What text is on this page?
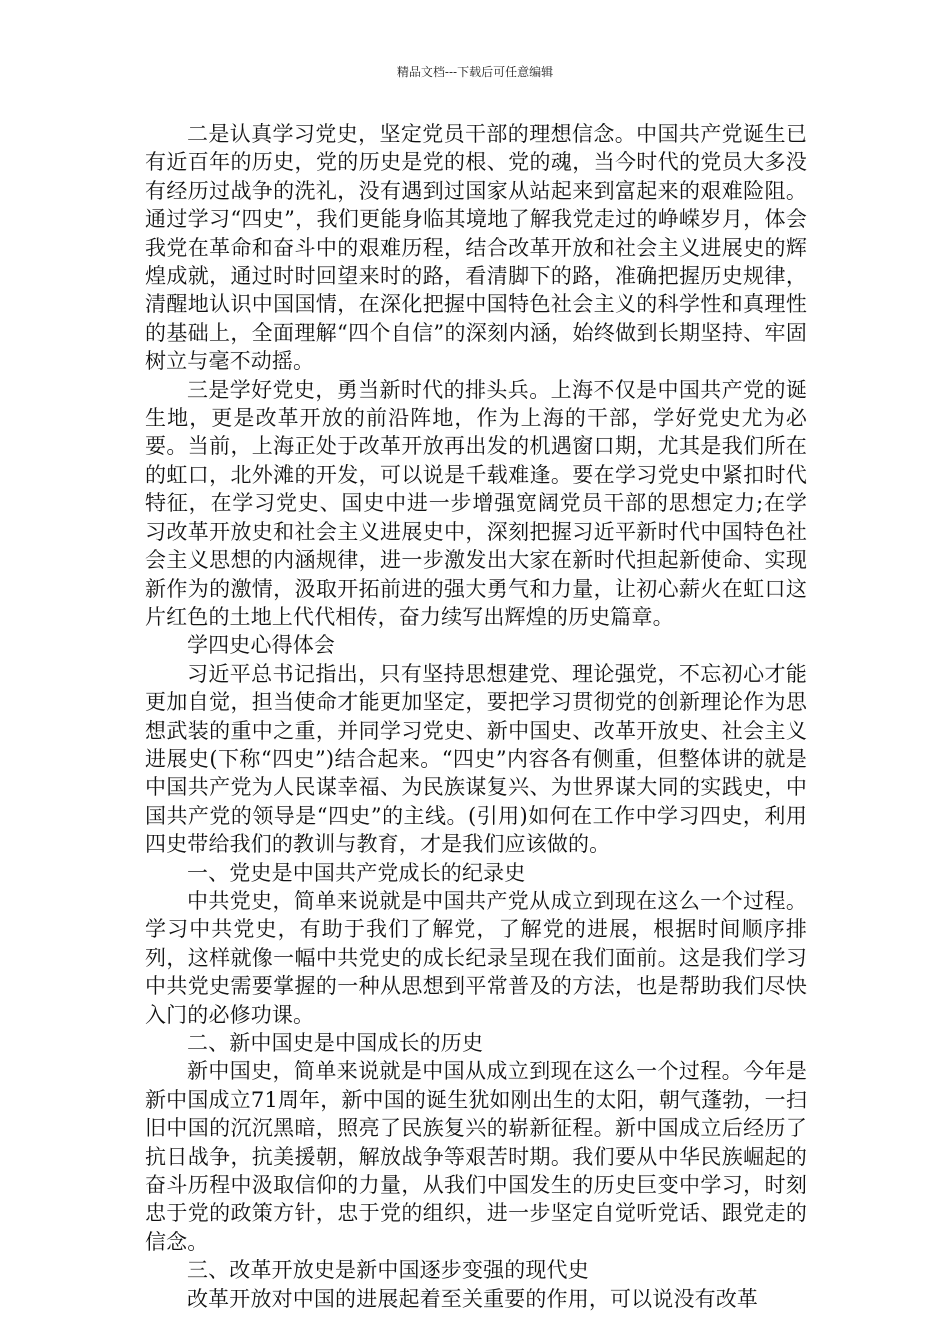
精品文档---下载后可任意编辑

二是认真学习党史，坚定党员干部的理想信念。中国共产党诞生已有近百年的历史，党的历史是党的根、党的魂，当今时代的党员大多没有经历过战争的洗礼，没有遇到过国家从站起来到富起来的艰难险阻。通过学习“四史”，我们更能身临其境地了解我党走过的峥嵘岁月，体会我党在革命和奋斗中的艰难历程，结合改革开放和社会主义进展史的辉煌成就，通过时时回望来时的路，看清脚下的路，准确把握历史规律，清醒地认识中国国情，在深化把握中国特色社会主义的科学性和真理性的基础上，全面理解“四个自信”的深刻内涵，始终做到长期坚持、牢固树立与毫不动摇。

三是学好党史，勇当新时代的排头兵。上海不仅是中国共产党的诞生地，更是改革开放的前沿阵地，作为上海的干部，学好党史尤为必要。当前，上海正处于改革开放再出发的机遇窗口期，尤其是我们所在的虹口，北外滩的开发，可以说是千载难逢。要在学习党史中紧扣时代特征，在学习党史、国史中进一步增强宽阔党员干部的思想定力;在学习改革开放史和社会主义进展史中，深刻把握习近平新时代中国特色社会主义思想的内涵规律，进一步激发出大家在新时代担起新使命、实现新作为的激情，汲取开拓前进的强大勇气和力量，让初心薪火在虹口这片红色的土地上代代相传，奋力续写出辉煌的历史篇章。

学四史心得体会

习近平总书记指出，只有坚持思想建党、理论强党，不忘初心才能更加自觉，担当使命才能更加坚定，要把学习贯彻党的创新理论作为思想武装的重中之重，并同学习党史、新中国史、改革开放史、社会主义进展史(下称“四史”)结合起来。“四史”内容各有侧重，但整体讲的就是中国共产党为人民谋幸福、为民族谋复兴、为世界谋大同的实践史，中国共产党的领导是“四史”的主线。(引用)如何在工作中学习四史，利用四史带给我们的教训与教育，才是我们应该做的。

一、党史是中国共产党成长的纪录史

中共党史，简单来说就是中国共产党从成立到现在这么一个过程。学习中共党史，有助于我们了解党，了解党的进展，根据时间顺序排列，这样就像一幅中共党史的成长纪录呈现在我们面前。这是我们学习中共党史需要掌握的一种从思想到平常普及的方法，也是帮助我们尽快入门的必修功课。

二、新中国史是中国成长的历史

新中国史，简单来说就是中国从成立到现在这么一个过程。今年是新中国成立71周年，新中国的诞生犹如刚出生的太阳，朝气蓬勃，一扫旧中国的沉沉黑暗，照亮了民族复兴的崭新征程。新中国成立后经历了抗日战争，抗美援朝，解放战争等艰苦时期。我们要从中华民族崛起的奋斗历程中汲取信仰的力量，从我们中国发生的历史巨变中学习，时刻忠于党的政策方针，忠于党的组织，进一步坚定自觉听党话、跟党走的信念。

三、改革开放史是新中国逐步变强的现代史

改革开放对中国的进展起着至关重要的作用，可以说没有改革
